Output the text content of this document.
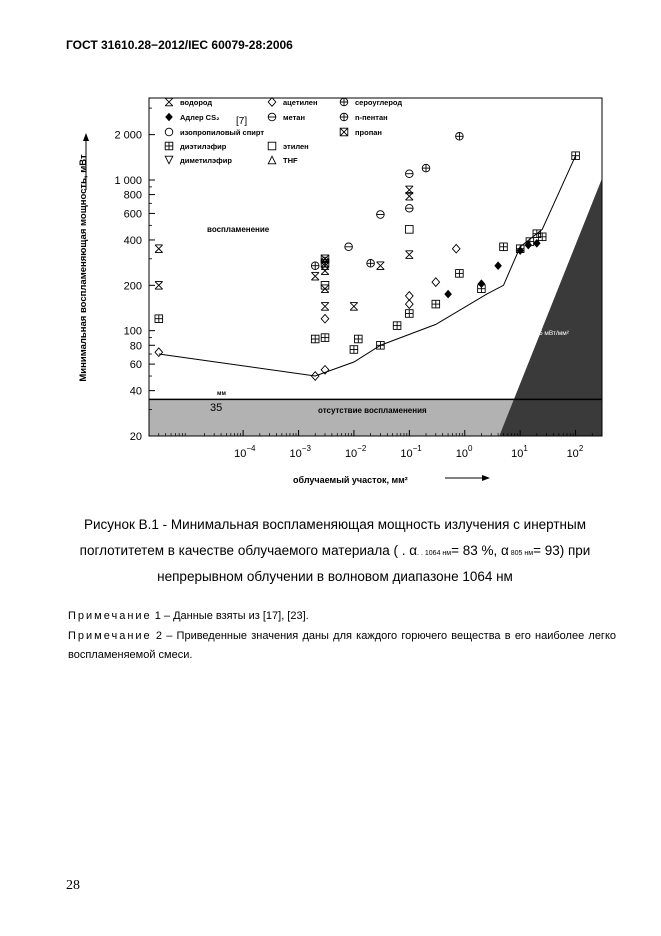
ГОСТ 31610.28−2012/IEC 60079-28:2006
2 000
1 000
800
600
400
200
100
80
60
40
20
$10^{-4}$	$10^{-3}$	$10^{-2}$	$10^{-1}$	$10^0$	$10^1$	$10^2$
водород	ацетилен	сероуглерод
Адлер CS₂	метан	n-пентан
изопропиловый спирт	пропан
диэтилэфир	этилен
диметилэфир	THF
Минимальная воспламеняющая мощность, мВт
облучаемый участок, мм²
воспламенение
отсутствие воспламенения
мм
35
5 мВт/мм²
[7]
Рисунок В.1 - Минимальная воспламеняющая мощность излучения с инертным
поглотитетем в качестве облучаемого материала ( . α. . 1064 нм= 83 %, α 805 нм= 93) при
непрерывном облучении в волновом диапазоне 1064 нм
Примечание 1 – Данные взяты из [17], [23].
Примечание 2 – Приведенные значения даны для каждого горючего вещества в его наиболее легко воспламеняемой смеси.
28
